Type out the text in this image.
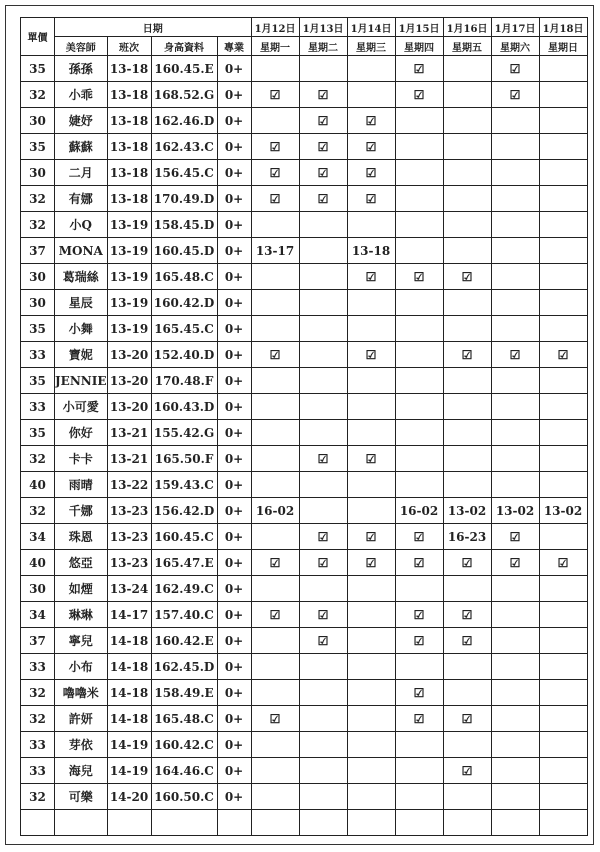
單價	日期				1月12日	1月13日	1月14日	1月15日	1月16日	1月17日	1月18日
	美容師	班次	身高資料	專業	星期一	星期二	星期三	星期四	星期五	星期六	星期日
35	孫孫	13-18	160.45.E	0+				☑		☑	
32	小乖	13-18	168.52.G	0+	☑	☑		☑		☑	
30	婕妤	13-18	162.46.D	0+		☑	☑				
35	蘇蘇	13-18	162.43.C	0+	☑	☑	☑				
30	二月	13-18	156.45.C	0+	☑	☑	☑				
32	有娜	13-18	170.49.D	0+	☑	☑	☑				
32	小Q	13-19	158.45.D	0+							
37	MONA	13-19	160.45.D	0+	13-17		13-18				
30	葛瑞絲	13-19	165.48.C	0+			☑	☑	☑		
30	星辰	13-19	160.42.D	0+							
35	小舞	13-19	165.45.C	0+							
33	寶妮	13-20	152.40.D	0+	☑		☑		☑	☑	☑
35	JENNIE	13-20	170.48.F	0+							
33	小可愛	13-20	160.43.D	0+							
35	你好	13-21	155.42.G	0+							
32	卡卡	13-21	165.50.F	0+		☑	☑				
40	雨晴	13-22	159.43.C	0+							
32	千娜	13-23	156.42.D	0+	16-02			16-02	13-02	13-02	13-02
34	珠恩	13-23	160.45.C	0+		☑	☑	☑	16-23	☑	
40	悠亞	13-23	165.47.E	0+	☑	☑	☑	☑	☑	☑	☑
30	如煙	13-24	162.49.C	0+							
34	琳琳	14-17	157.40.C	0+	☑	☑		☑	☑		
37	寧兒	14-18	160.42.E	0+		☑		☑	☑		
33	小布	14-18	162.45.D	0+							
32	嚕嚕米	14-18	158.49.E	0+				☑			
32	許妍	14-18	165.48.C	0+	☑			☑	☑		
33	芽依	14-19	160.42.C	0+							
33	海兒	14-19	164.46.C	0+					☑		
32	可樂	14-20	160.50.C	0+							
